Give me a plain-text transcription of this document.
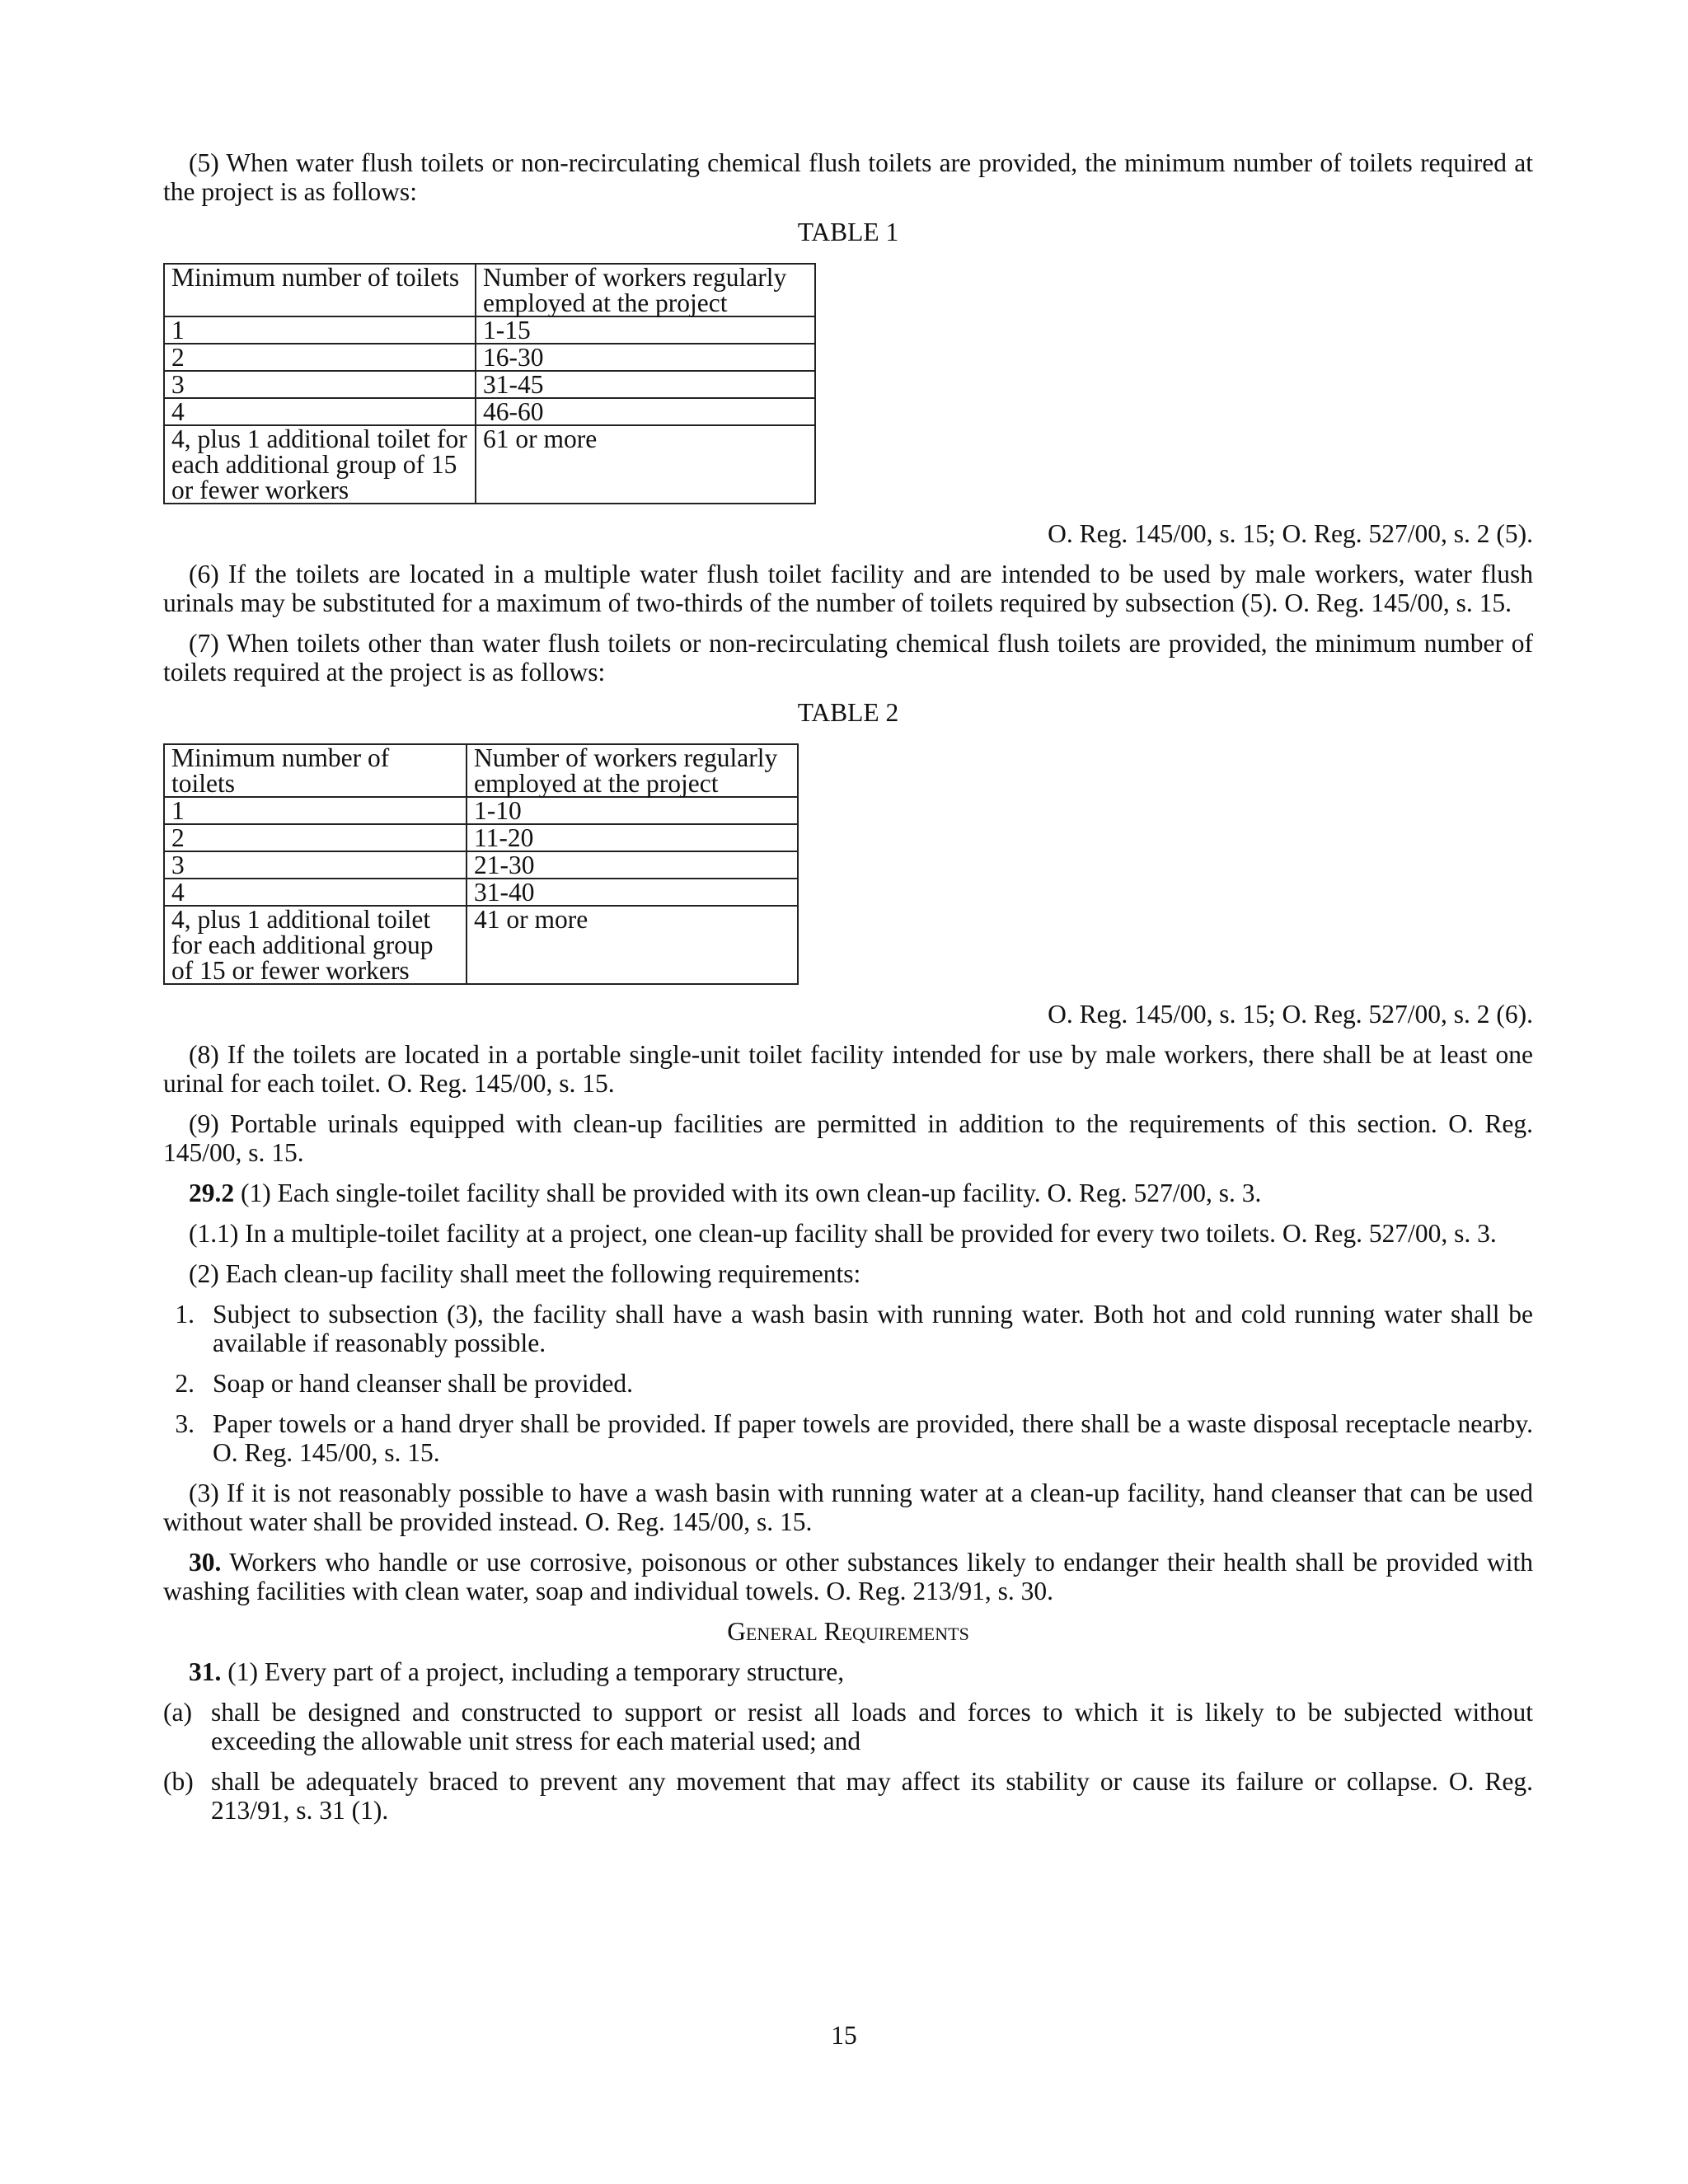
(5) When water flush toilets or non-recirculating chemical flush toilets are provided, the minimum number of toilets required at the project is as follows:

TABLE 1

Minimum number of toilets	Number of workers regularly employed at the project
1	1-15
2	16-30
3	31-45
4	46-60
4, plus 1 additional toilet for each additional group of 15 or fewer workers	61 or more

O. Reg. 145/00, s. 15; O. Reg. 527/00, s. 2 (5).

(6) If the toilets are located in a multiple water flush toilet facility and are intended to be used by male workers, water flush urinals may be substituted for a maximum of two-thirds of the number of toilets required by subsection (5). O. Reg. 145/00, s. 15.

(7) When toilets other than water flush toilets or non-recirculating chemical flush toilets are provided, the minimum number of toilets required at the project is as follows:

TABLE 2

Minimum number of toilets	Number of workers regularly employed at the project
1	1-10
2	11-20
3	21-30
4	31-40
4, plus 1 additional toilet for each additional group of 15 or fewer workers	41 or more

O. Reg. 145/00, s. 15; O. Reg. 527/00, s. 2 (6).

(8) If the toilets are located in a portable single-unit toilet facility intended for use by male workers, there shall be at least one urinal for each toilet. O. Reg. 145/00, s. 15.

(9) Portable urinals equipped with clean-up facilities are permitted in addition to the requirements of this section. O. Reg. 145/00, s. 15.

29.2 (1) Each single-toilet facility shall be provided with its own clean-up facility. O. Reg. 527/00, s. 3.

(1.1) In a multiple-toilet facility at a project, one clean-up facility shall be provided for every two toilets. O. Reg. 527/00, s. 3.

(2) Each clean-up facility shall meet the following requirements:

1. Subject to subsection (3), the facility shall have a wash basin with running water. Both hot and cold running water shall be available if reasonably possible.
2. Soap or hand cleanser shall be provided.
3. Paper towels or a hand dryer shall be provided. If paper towels are provided, there shall be a waste disposal receptacle nearby. O. Reg. 145/00, s. 15.

(3) If it is not reasonably possible to have a wash basin with running water at a clean-up facility, hand cleanser that can be used without water shall be provided instead. O. Reg. 145/00, s. 15.

30. Workers who handle or use corrosive, poisonous or other substances likely to endanger their health shall be provided with washing facilities with clean water, soap and individual towels. O. Reg. 213/91, s. 30.

General Requirements

31. (1) Every part of a project, including a temporary structure,

(a) shall be designed and constructed to support or resist all loads and forces to which it is likely to be subjected without exceeding the allowable unit stress for each material used; and
(b) shall be adequately braced to prevent any movement that may affect its stability or cause its failure or collapse. O. Reg. 213/91, s. 31 (1).
15
